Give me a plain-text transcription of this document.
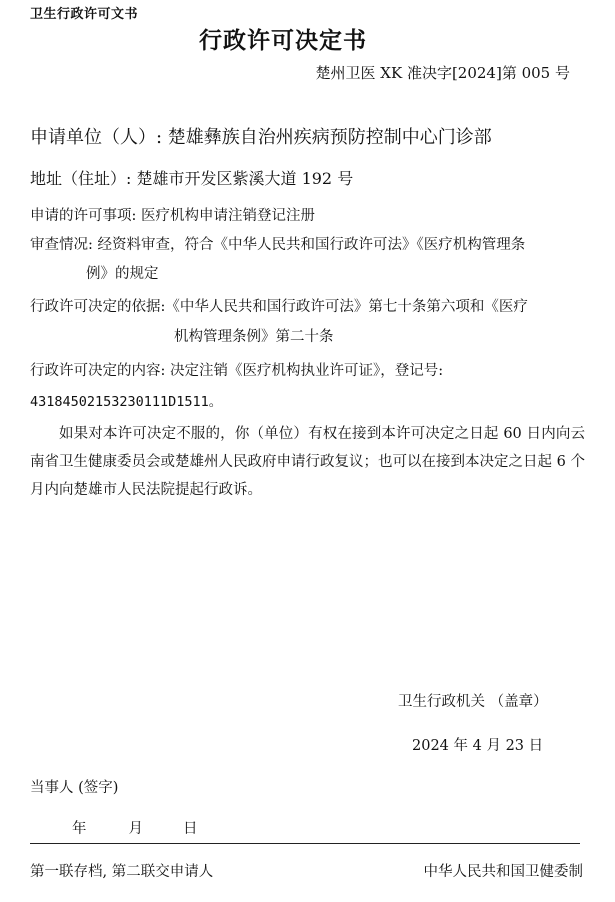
卫生行政许可文书
行政许可决定书
楚州卫医 XK 准决字[2024]第 005 号
申请单位（人）: 楚雄彝族自治州疾病预防控制中心门诊部
地址（住址）: 楚雄市开发区紫溪大道 192 号
申请的许可事项: 医疗机构申请注销登记注册
审查情况: 经资料审查，符合《中华人民共和国行政许可法》《医疗机构管理条
例》的规定
行政许可决定的依据:《中华人民共和国行政许可法》第七十条第六项和《医疗
机构管理条例》第二十条
行政许可决定的内容: 决定注销《医疗机构执业许可证》，登记号:
43184502153230111D1511。
如果对本许可决定不服的，你（单位）有权在接到本许可决定之日起 60 日内向云南省卫生健康委员会或楚雄州人民政府申请行政复议；也可以在接到本决定之日起 6 个月内向楚雄市人民法院提起行政诉。
卫生行政机关 （盖章）
2024 年 4 月 23 日
当事人 (签字)
年	月	日
第一联存档, 第二联交申请人	中华人民共和国卫健委制
